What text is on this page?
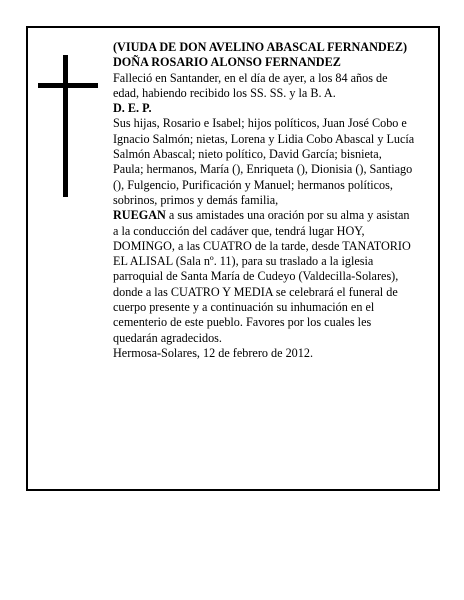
(VIUDA DE DON AVELINO ABASCAL FERNANDEZ)

DOÑA ROSARIO ALONSO FERNANDEZ

Falleció en Santander, en el día de ayer, a los 84 años de edad, habiendo recibido los SS. SS. y la B. A.

D. E. P.

Sus hijas, Rosario e Isabel; hijos políticos, Juan José Cobo e Ignacio Salmón; nietas, Lorena y Lidia Cobo Abascal y Lucía Salmón Abascal; nieto político, David García; bisnieta, Paula; hermanos, María (), Enriqueta (), Dionisia (), Santiago (), Fulgencio, Purificación y Manuel; hermanos políticos, sobrinos, primos y demás familia,

RUEGAN a sus amistades una oración por su alma y asistan a la conducción del cadáver que, tendrá lugar HOY, DOMINGO, a las CUATRO de la tarde, desde TANATORIO EL ALISAL (Sala nº. 11), para su traslado a la iglesia parroquial de Santa María de Cudeyo (Valdecilla-Solares), donde a las CUATRO Y MEDIA se celebrará el funeral de cuerpo presente y a continuación su inhumación en el cementerio de este pueblo. Favores por los cuales les quedarán agradecidos.

Hermosa-Solares, 12 de febrero de 2012.
